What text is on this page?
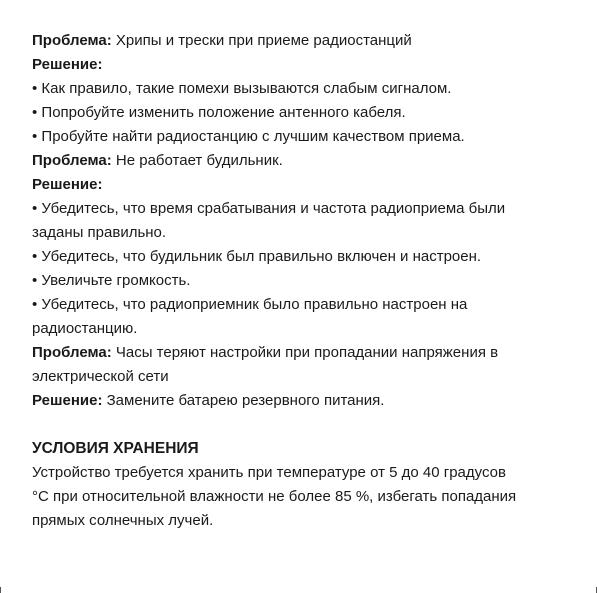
Проблема: Хрипы и трески при приеме радиостанций

Решение:

• Как правило, такие помехи вызываются слабым сигналом.

• Попробуйте изменить положение антенного кабеля.

• Пробуйте найти радиостанцию с лучшим качеством приема.

Проблема: Не работает будильник.

Решение:

• Убедитесь, что время срабатывания и частота радиоприема были

заданы правильно.

• Убедитесь, что будильник был правильно включен и настроен.

• Увеличьте громкость.

• Убедитесь, что радиоприемник было правильно настроен на

радиостанцию.

Проблема: Часы теряют настройки при пропадании напряжения в

электрической сети

Решение: Замените батарею резервного питания.

УСЛОВИЯ ХРАНЕНИЯ

Устройство требуется хранить при температуре от 5 до 40 градусов

°C при относительной влажности не более 85 %, избегать попадания

прямых солнечных лучей.
